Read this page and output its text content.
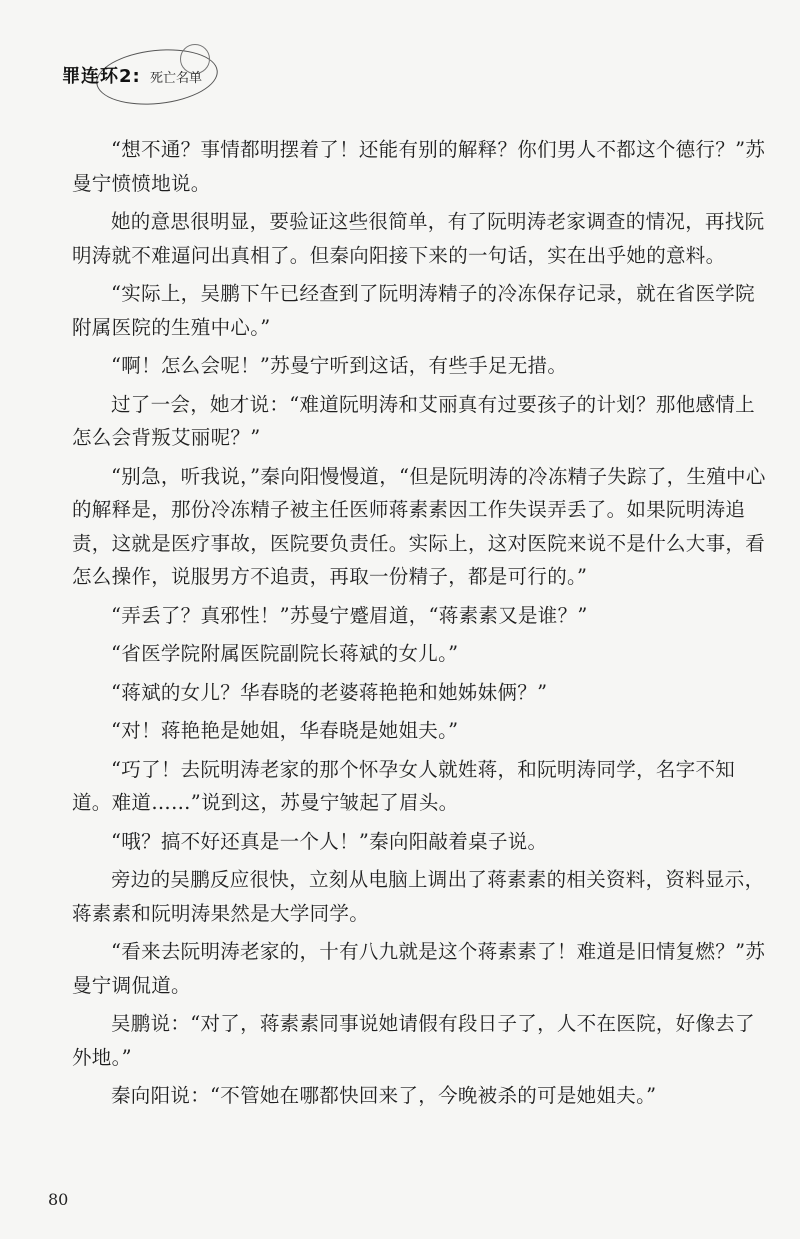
罪连环2: 死亡名单

“想不通？事情都明摆着了！还能有别的解释？你们男人不都这个德行？”苏曼宁愤愤地说。

她的意思很明显，要验证这些很简单，有了阮明涛老家调查的情况，再找阮明涛就不难逼问出真相了。但秦向阳接下来的一句话，实在出乎她的意料。

“实际上，吴鹏下午已经查到了阮明涛精子的冷冻保存记录，就在省医学院附属医院的生殖中心。”

“啊！怎么会呢！”苏曼宁听到这话，有些手足无措。

过了一会，她才说：“难道阮明涛和艾丽真有过要孩子的计划？那他感情上怎么会背叛艾丽呢？”

“别急，听我说，”秦向阳慢慢道，“但是阮明涛的冷冻精子失踪了，生殖中心的解释是，那份冷冻精子被主任医师蒋素素因工作失误弄丢了。如果阮明涛追责，这就是医疗事故，医院要负责任。实际上，这对医院来说不是什么大事，看怎么操作，说服男方不追责，再取一份精子，都是可行的。”

“弄丢了？真邪性！”苏曼宁蹙眉道，“蒋素素又是谁？”

“省医学院附属医院副院长蒋斌的女儿。”

“蒋斌的女儿？华春晓的老婆蒋艳艳和她姊妹俩？”

“对！蒋艳艳是她姐，华春晓是她姐夫。”

“巧了！去阮明涛老家的那个怀孕女人就姓蒋，和阮明涛同学，名字不知道。难道……”说到这，苏曼宁皱起了眉头。

“哦？搞不好还真是一个人！”秦向阳敲着桌子说。

旁边的吴鹏反应很快，立刻从电脑上调出了蒋素素的相关资料，资料显示，蒋素素和阮明涛果然是大学同学。

“看来去阮明涛老家的，十有八九就是这个蒋素素了！难道是旧情复燃？”苏曼宁调侃道。

吴鹏说：“对了，蒋素素同事说她请假有段日子了，人不在医院，好像去了外地。”

秦向阳说：“不管她在哪都快回来了，今晚被杀的可是她姐夫。”

80
